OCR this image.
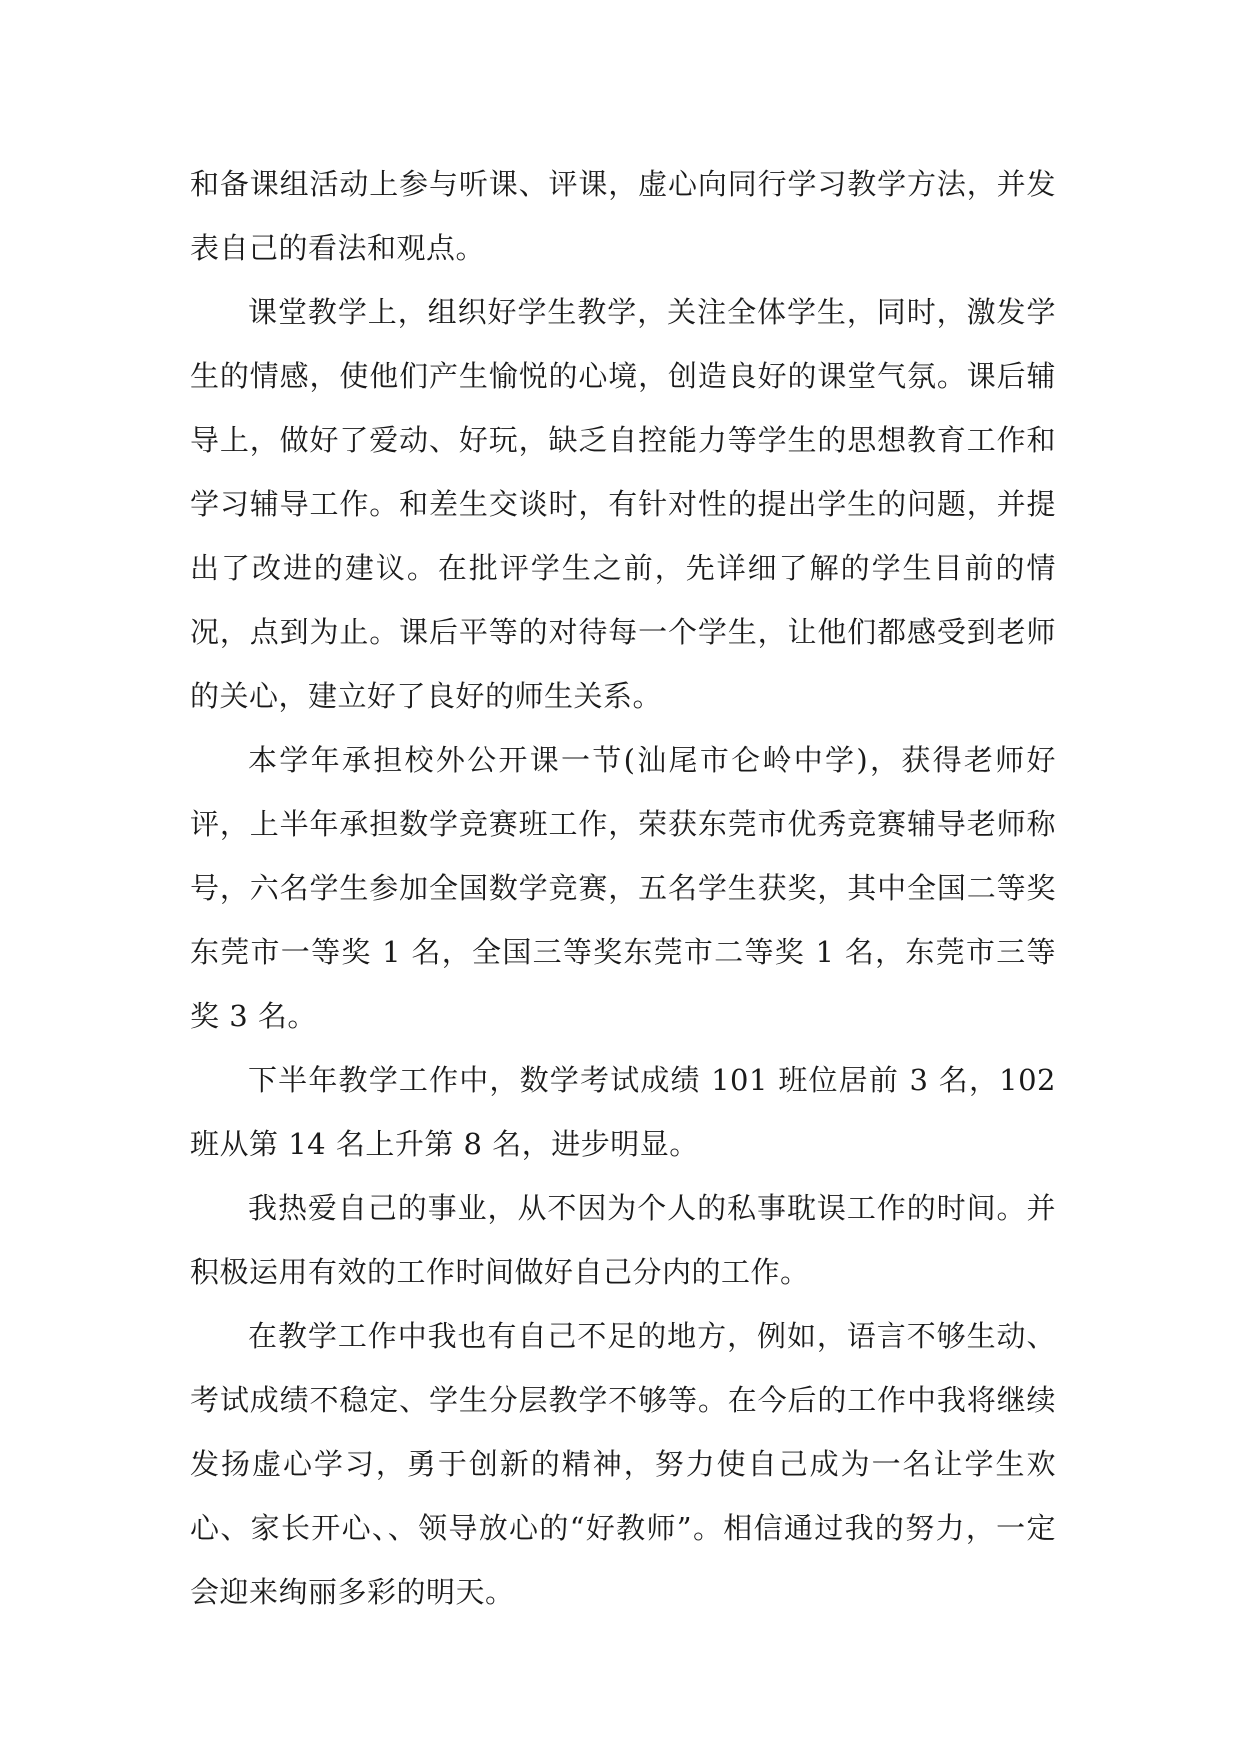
和备课组活动上参与听课、评课，虚心向同行学习教学方法，并发表自己的看法和观点。

课堂教学上，组织好学生教学，关注全体学生，同时，激发学生的情感，使他们产生愉悦的心境，创造良好的课堂气氛。课后辅导上，做好了爱动、好玩，缺乏自控能力等学生的思想教育工作和学习辅导工作。和差生交谈时，有针对性的提出学生的问题，并提出了改进的建议。在批评学生之前，先详细了解的学生目前的情况，点到为止。课后平等的对待每一个学生，让他们都感受到老师的关心，建立好了良好的师生关系。

本学年承担校外公开课一节(汕尾市仑岭中学)，获得老师好评，上半年承担数学竞赛班工作，荣获东莞市优秀竞赛辅导老师称号，六名学生参加全国数学竞赛，五名学生获奖，其中全国二等奖东莞市一等奖 1 名，全国三等奖东莞市二等奖 1 名，东莞市三等奖 3 名。

下半年教学工作中，数学考试成绩 101 班位居前 3 名，102 班从第 14 名上升第 8 名，进步明显。

我热爱自己的事业，从不因为个人的私事耽误工作的时间。并积极运用有效的工作时间做好自己分内的工作。

在教学工作中我也有自己不足的地方，例如，语言不够生动、考试成绩不稳定、学生分层教学不够等。在今后的工作中我将继续发扬虚心学习，勇于创新的精神，努力使自己成为一名让学生欢心、家长开心、、领导放心的“好教师”。相信通过我的努力，一定会迎来绚丽多彩的明天。
